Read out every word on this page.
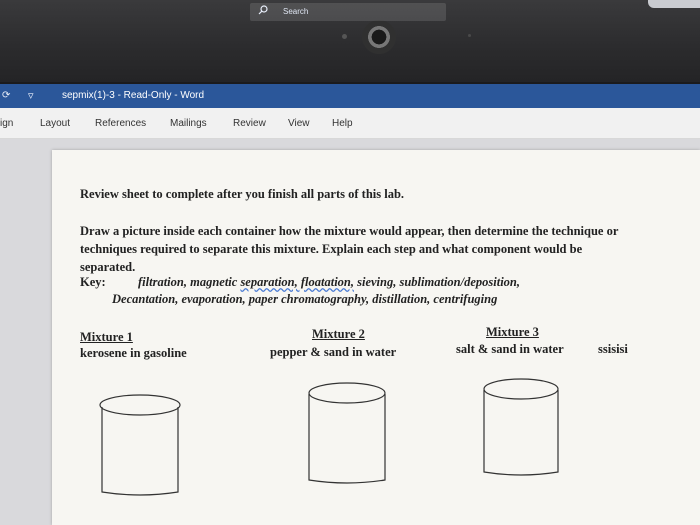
⟳ ▿	sepmix(1)-3 - Read-Only - Word
Search
ign	Layout References Mailings	Review View Help
Review sheet to complete after you finish all parts of this lab.
Draw a picture inside each container how the mixture would appear, then determine the technique or techniques required to separate this mixture. Explain each step and what component would be separated.
Key:	filtration, magnetic separation, floatation, sieving, sublimation/deposition,
Decantation, evaporation, paper chromatography, distillation, centrifuging
Mixture 1
kerosene in gasoline
Mixture 2
pepper & sand in water
Mixture 3
salt & sand in water	ssisisi
